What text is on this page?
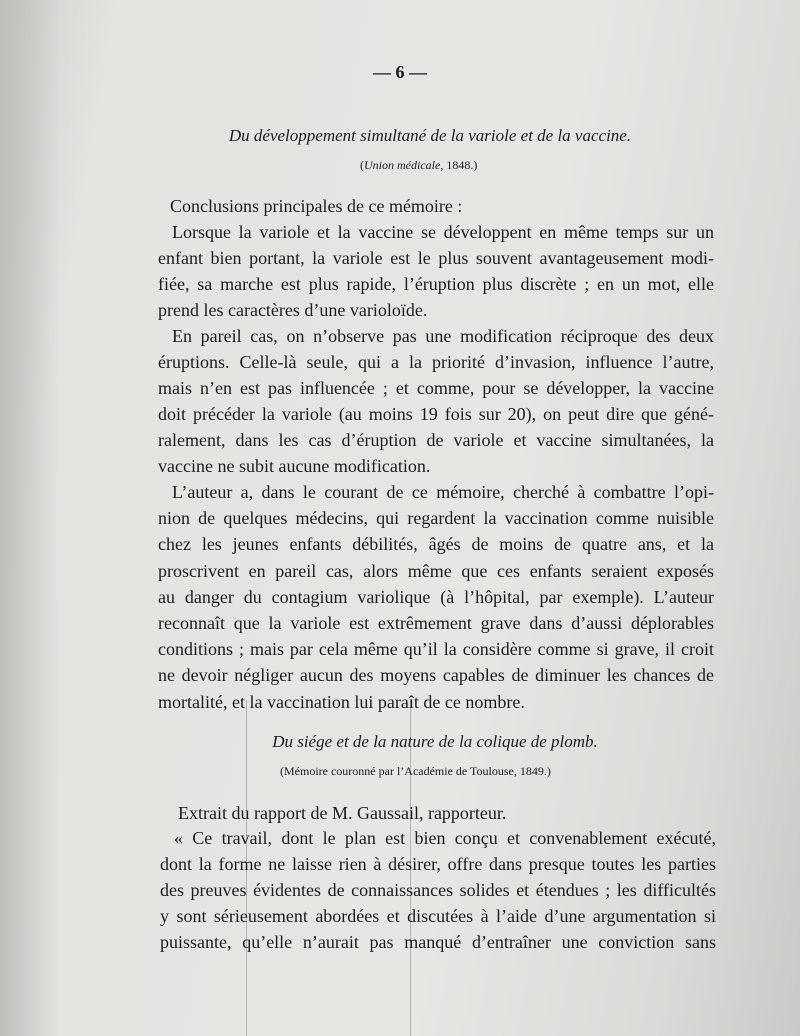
— 6 —
Du développement simultané de la variole et de la vaccine.
(Union médicale, 1848.)
Conclusions principales de ce mémoire :
Lorsque la variole et la vaccine se développent en même temps sur un
enfant bien portant, la variole est le plus souvent avantageusement modi-
fiée, sa marche est plus rapide, l’éruption plus discrète ; en un mot, elle
prend les caractères d’une varioloïde.
En pareil cas, on n’observe pas une modification réciproque des deux
éruptions. Celle-là seule, qui a la priorité d’invasion, influence l’autre,
mais n’en est pas influencée ; et comme, pour se développer, la vaccine
doit précéder la variole (au moins 19 fois sur 20), on peut dire que géné-
ralement, dans les cas d’éruption de variole et vaccine simultanées, la
vaccine ne subit aucune modification.
L’auteur a, dans le courant de ce mémoire, cherché à combattre l’opi-
nion de quelques médecins, qui regardent la vaccination comme nuisible
chez les jeunes enfants débilités, âgés de moins de quatre ans, et la
proscrivent en pareil cas, alors même que ces enfants seraient exposés
au danger du contagium variolique (à l’hôpital, par exemple). L’auteur
reconnaît que la variole est extrêmement grave dans d’aussi déplorables
conditions ; mais par cela même qu’il la considère comme si grave, il croit
ne devoir négliger aucun des moyens capables de diminuer les chances de
mortalité, et la vaccination lui paraît de ce nombre.
Du siége et de la nature de la colique de plomb.
(Mémoire couronné par l’Académie de Toulouse, 1849.)
Extrait du rapport de M. Gaussail, rapporteur.
« Ce travail, dont le plan est bien conçu et convenablement exécuté,
dont la forme ne laisse rien à désirer, offre dans presque toutes les parties
des preuves évidentes de connaissances solides et étendues ; les difficultés
y sont sérieusement abordées et discutées à l’aide d’une argumentation si
puissante, qu’elle n’aurait pas manqué d’entraîner une conviction sans
